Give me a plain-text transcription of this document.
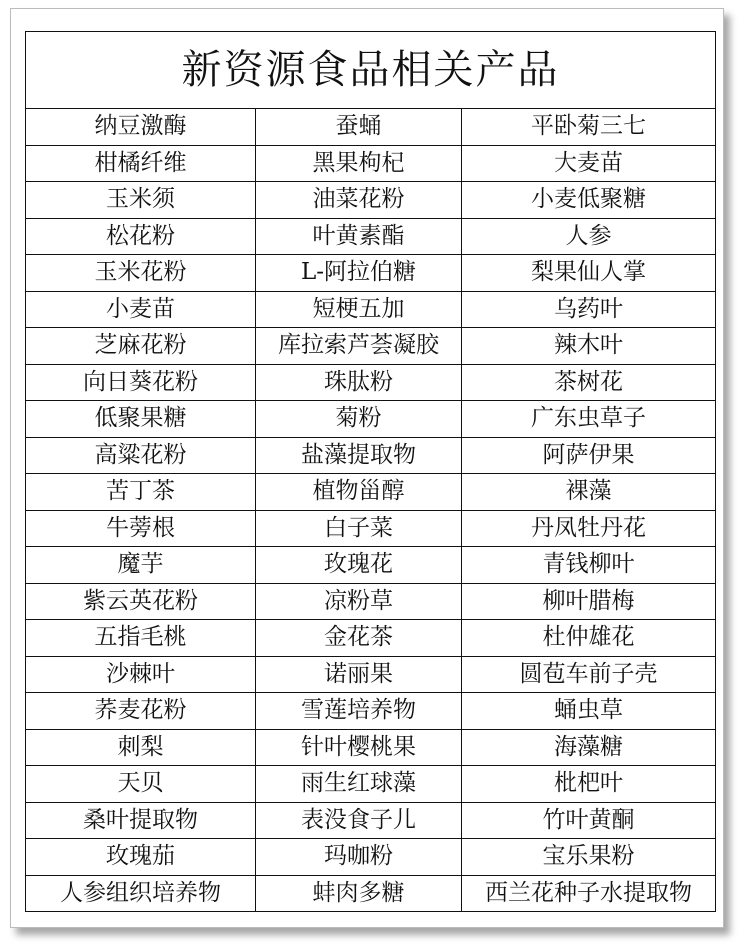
新资源食品相关产品		
纳豆激酶	蚕蛹	平卧菊三七
柑橘纤维	黑果枸杞	大麦苗
玉米须	油菜花粉	小麦低聚糖
松花粉	叶黄素酯	人参
玉米花粉	L-阿拉伯糖	梨果仙人掌
小麦苗	短梗五加	乌药叶
芝麻花粉	库拉索芦荟凝胶	辣木叶
向日葵花粉	珠肽粉	茶树花
低聚果糖	菊粉	广东虫草子
高粱花粉	盐藻提取物	阿萨伊果
苦丁茶	植物甾醇	裸藻
牛蒡根	白子菜	丹凤牡丹花
魔芋	玫瑰花	青钱柳叶
紫云英花粉	凉粉草	柳叶腊梅
五指毛桃	金花茶	杜仲雄花
沙棘叶	诺丽果	圆苞车前子壳
荞麦花粉	雪莲培养物	蛹虫草
刺梨	针叶樱桃果	海藻糖
天贝	雨生红球藻	枇杷叶
桑叶提取物	表没食子儿	竹叶黄酮
玫瑰茄	玛咖粉	宝乐果粉
人参组织培养物	蚌肉多糖	西兰花种子水提取物
